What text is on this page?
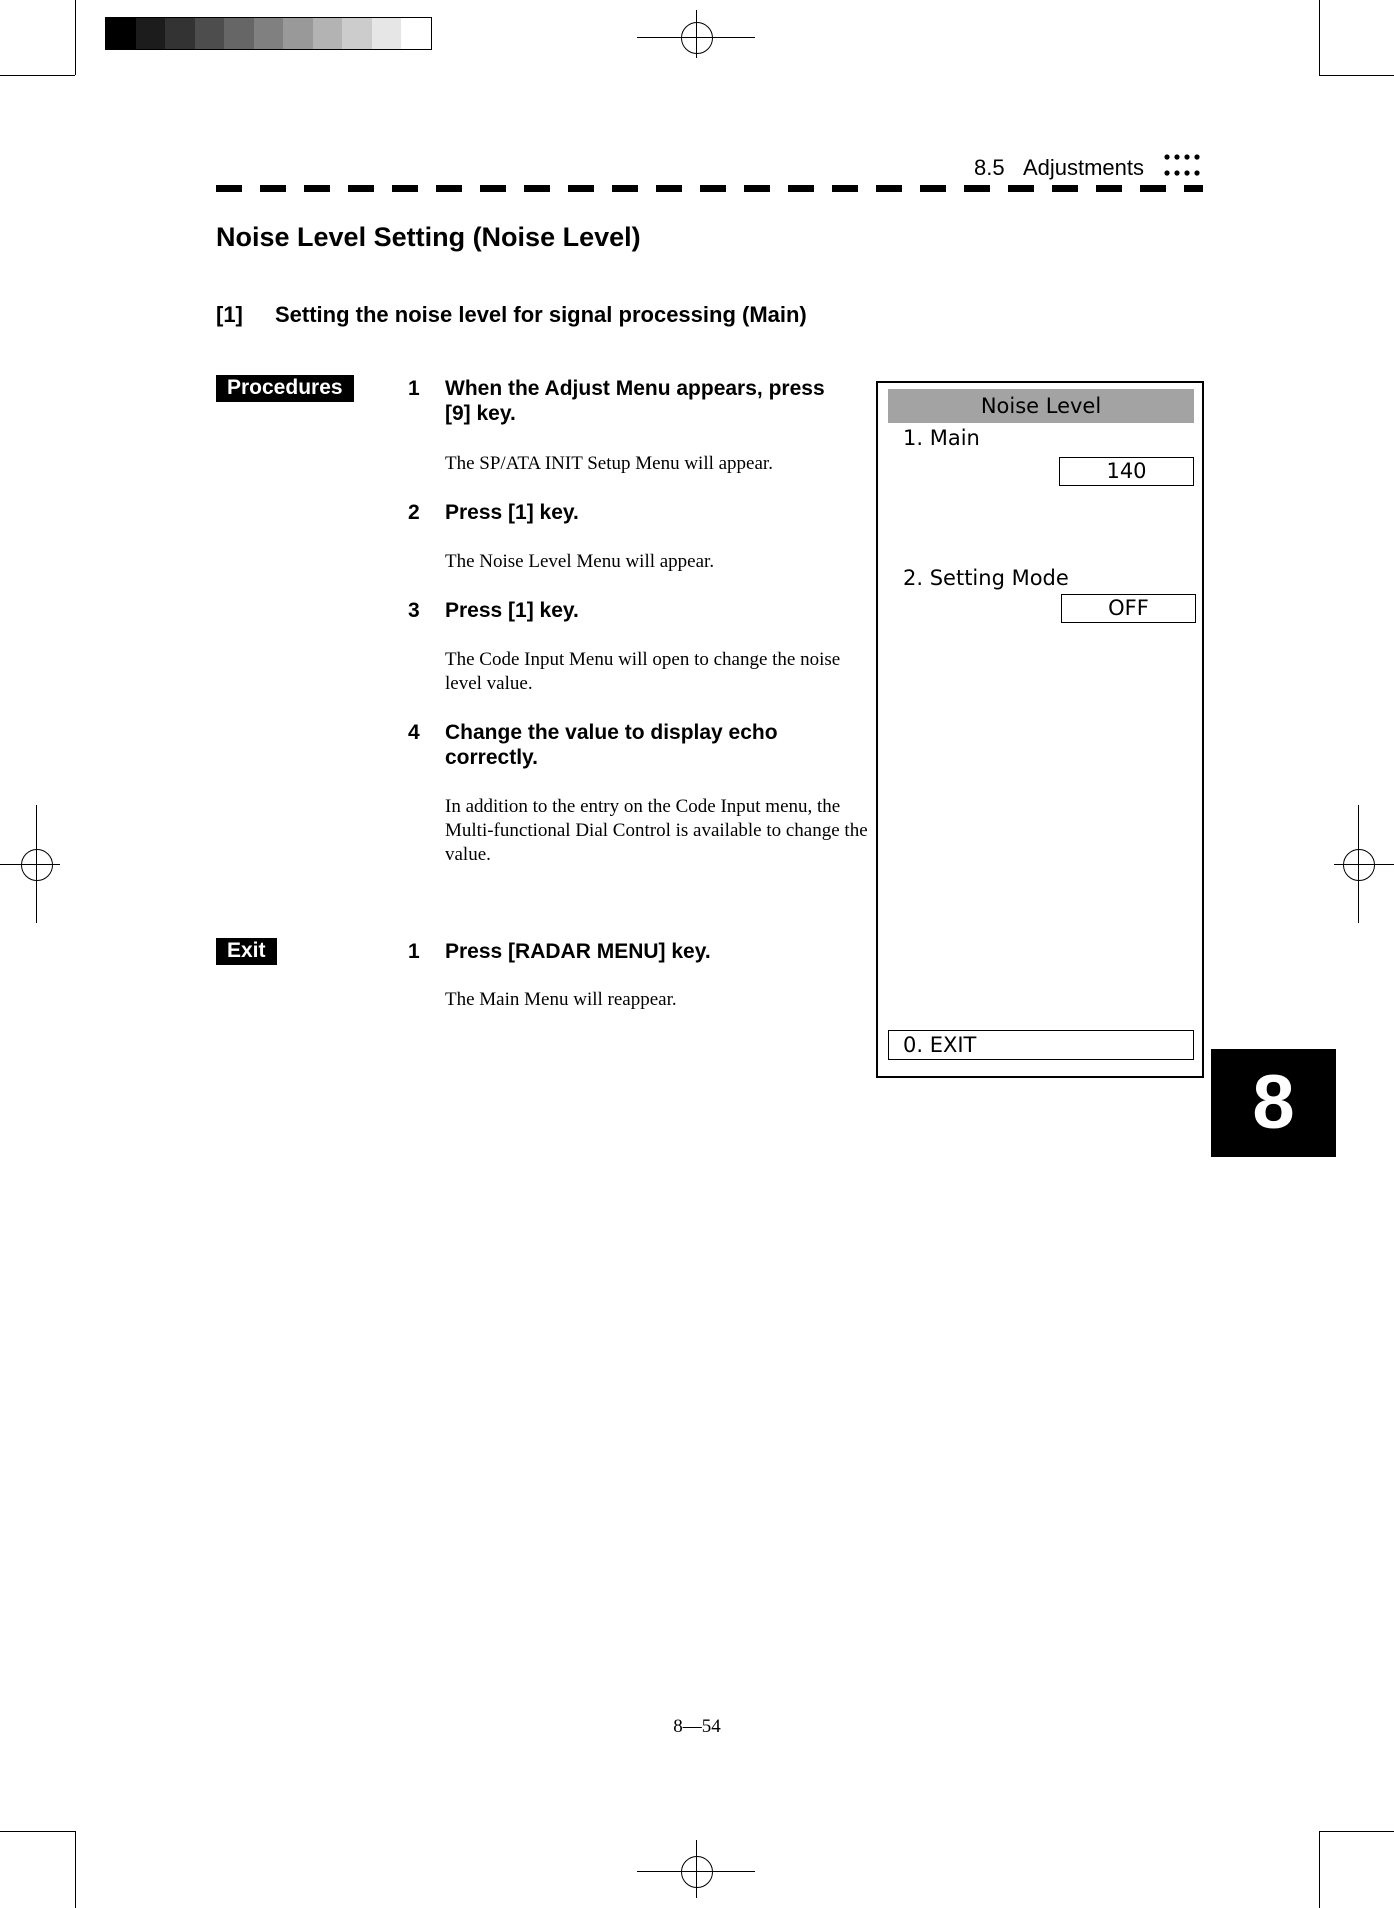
8.5 Adjustments
Noise Level Setting (Noise Level)
[1] Setting the noise level for signal processing (Main)
Procedures	1	When the Adjust Menu appears, press [9] key.
The SP/ATA INIT Setup Menu will appear.
2	Press [1] key.
The Noise Level Menu will appear.
3	Press [1] key.
The Code Input Menu will open to change the noise level value.
4	Change the value to display echo correctly.
In addition to the entry on the Code Input menu, the Multi-functional Dial Control is available to change the value.
Exit	1	Press [RADAR MENU] key.
The Main Menu will reappear.
Noise Level
1. Main
140
2. Setting Mode
OFF
0. EXIT
8
8—54
